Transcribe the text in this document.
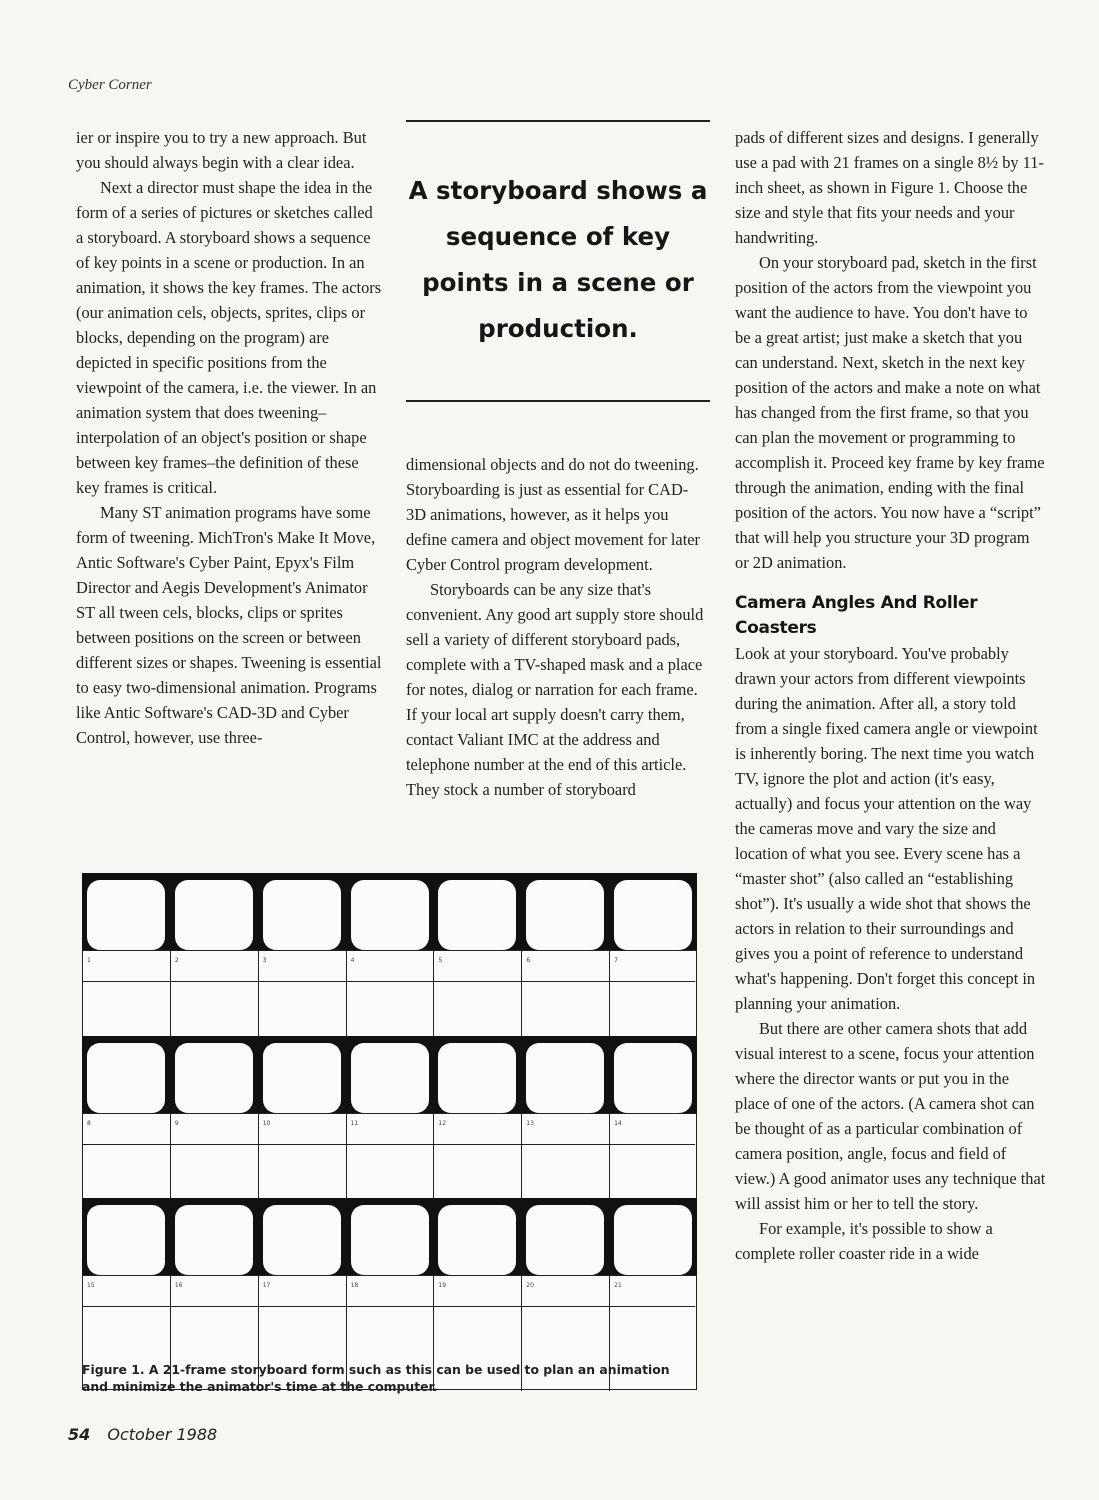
Cyber Corner

ier or inspire you to try a new approach. But you should always begin with a clear idea.

Next a director must shape the idea in the form of a series of pictures or sketches called a storyboard. A storyboard shows a sequence of key points in a scene or production. In an animation, it shows the key frames. The actors (our animation cels, objects, sprites, clips or blocks, depending on the program) are depicted in specific positions from the viewpoint of the camera, i.e. the viewer. In an animation system that does tweening–interpolation of an object's position or shape between key frames–the definition of these key frames is critical.

Many ST animation programs have some form of tweening. MichTron's Make It Move, Antic Software's Cyber Paint, Epyx's Film Director and Aegis Development's Animator ST all tween cels, blocks, clips or sprites between positions on the screen or between different sizes or shapes. Tweening is essential to easy two-dimensional animation. Programs like Antic Software's CAD-3D and Cyber Control, however, use three-

A storyboard shows a sequence of key points in a scene or production.

dimensional objects and do not do tweening. Storyboarding is just as essential for CAD-3D animations, however, as it helps you define camera and object movement for later Cyber Control program development.

Storyboards can be any size that's convenient. Any good art supply store should sell a variety of different storyboard pads, complete with a TV-shaped mask and a place for notes, dialog or narration for each frame. If your local art supply doesn't carry them, contact Valiant IMC at the address and telephone number at the end of this article. They stock a number of storyboard

pads of different sizes and designs. I generally use a pad with 21 frames on a single 8½ by 11-inch sheet, as shown in Figure 1. Choose the size and style that fits your needs and your handwriting.

On your storyboard pad, sketch in the first position of the actors from the viewpoint you want the audience to have. You don't have to be a great artist; just make a sketch that you can understand. Next, sketch in the next key position of the actors and make a note on what has changed from the first frame, so that you can plan the movement or programming to accomplish it. Proceed key frame by key frame through the animation, ending with the final position of the actors. You now have a “script” that will help you structure your 3D program or 2D animation.

Camera Angles And Roller Coasters

Look at your storyboard. You've probably drawn your actors from different viewpoints during the animation. After all, a story told from a single fixed camera angle or viewpoint is inherently boring. The next time you watch TV, ignore the plot and action (it's easy, actually) and focus your attention on the way the cameras move and vary the size and location of what you see. Every scene has a “master shot” (also called an “establishing shot”). It's usually a wide shot that shows the actors in relation to their surroundings and gives you a point of reference to understand what's happening. Don't forget this concept in planning your animation.

But there are other camera shots that add visual interest to a scene, focus your attention where the director wants or put you in the place of one of the actors. (A camera shot can be thought of as a particular combination of camera position, angle, focus and field of view.) A good animator uses any technique that will assist him or her to tell the story.

For example, it's possible to show a complete roller coaster ride in a wide

1	2	3	4	5	6	7
8	9	10	11	12	13	14
15	16	17	18	19	20	21
Figure 1. A 21-frame storyboard form such as this can be used to plan an animation and minimize the animator's time at the computer.
54 October 1988
